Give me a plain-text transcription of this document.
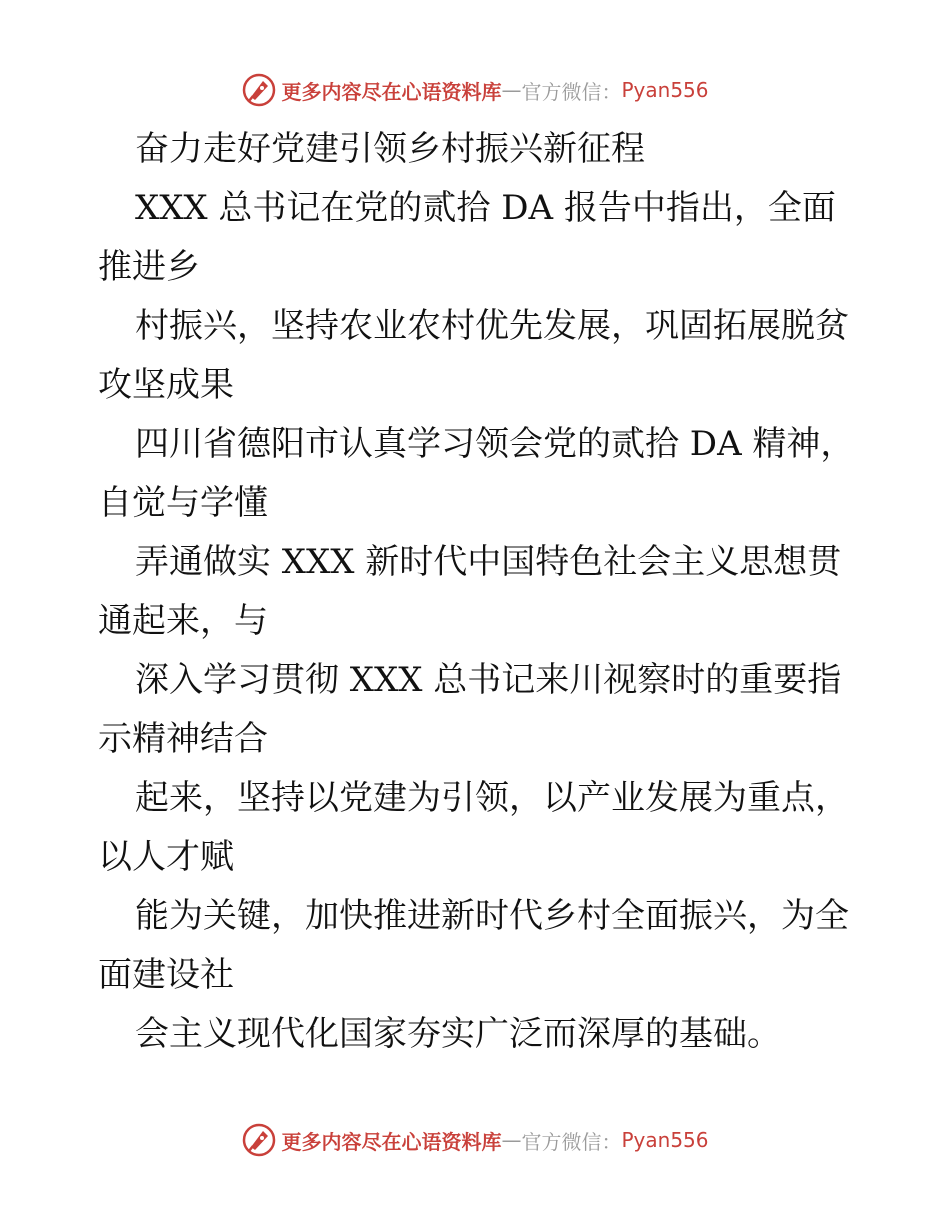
更多内容尽在心语资料库 — 官方微信： Pyan556

奋力走好党建引领乡村振兴新征程

XXX 总书记在党的贰拾 DA 报告中指出，全面推进乡

村振兴，坚持农业农村优先发展，巩固拓展脱贫攻坚成果

四川省德阳市认真学习领会党的贰拾 DA 精神，自觉与学懂

弄通做实 XXX 新时代中国特色社会主义思想贯通起来，与

深入学习贯彻 XXX 总书记来川视察时的重要指示精神结合

起来，坚持以党建为引领，以产业发展为重点，以人才赋

能为关键，加快推进新时代乡村全面振兴，为全面建设社

会主义现代化国家夯实广泛而深厚的基础。

更多内容尽在心语资料库 — 官方微信： Pyan556
